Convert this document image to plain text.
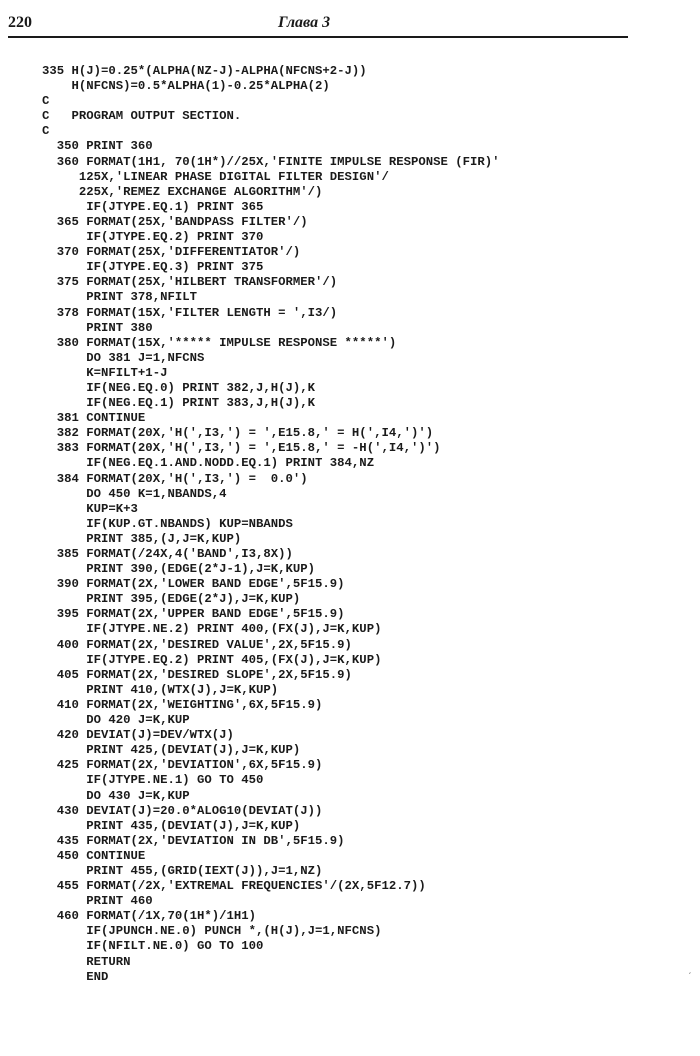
220	Глава 3
335 H(J)=0.25*(ALPHA(NZ-J)-ALPHA(NFCNS+2-J))
H(NFCNS)=0.5*ALPHA(1)-0.25*ALPHA(2)
C
C   PROGRAM OUTPUT SECTION.
C
350 PRINT 360
360 FORMAT(1H1, 70(1H*)//25X,'FINITE IMPULSE RESPONSE (FIR)'
125X,'LINEAR PHASE DIGITAL FILTER DESIGN'/
225X,'REMEZ EXCHANGE ALGORITHM'/)
IF(JTYPE.EQ.1) PRINT 365
365 FORMAT(25X,'BANDPASS FILTER'/)
IF(JTYPE.EQ.2) PRINT 370
370 FORMAT(25X,'DIFFERENTIATOR'/)
IF(JTYPE.EQ.3) PRINT 375
375 FORMAT(25X,'HILBERT TRANSFORMER'/)
PRINT 378,NFILT
378 FORMAT(15X,'FILTER LENGTH = ',I3/)
PRINT 380
380 FORMAT(15X,'***** IMPULSE RESPONSE *****')
DO 381 J=1,NFCNS
K=NFILT+1-J
IF(NEG.EQ.0) PRINT 382,J,H(J),K
IF(NEG.EQ.1) PRINT 383,J,H(J),K
381 CONTINUE
382 FORMAT(20X,'H(',I3,') = ',E15.8,' = H(',I4,')')
383 FORMAT(20X,'H(',I3,') = ',E15.8,' = -H(',I4,')')
IF(NEG.EQ.1.AND.NODD.EQ.1) PRINT 384,NZ
384 FORMAT(20X,'H(',I3,') =  0.0')
DO 450 K=1,NBANDS,4
KUP=K+3
IF(KUP.GT.NBANDS) KUP=NBANDS
PRINT 385,(J,J=K,KUP)
385 FORMAT(/24X,4('BAND',I3,8X))
PRINT 390,(EDGE(2*J-1),J=K,KUP)
390 FORMAT(2X,'LOWER BAND EDGE',5F15.9)
PRINT 395,(EDGE(2*J),J=K,KUP)
395 FORMAT(2X,'UPPER BAND EDGE',5F15.9)
IF(JTYPE.NE.2) PRINT 400,(FX(J),J=K,KUP)
400 FORMAT(2X,'DESIRED VALUE',2X,5F15.9)
IF(JTYPE.EQ.2) PRINT 405,(FX(J),J=K,KUP)
405 FORMAT(2X,'DESIRED SLOPE',2X,5F15.9)
PRINT 410,(WTX(J),J=K,KUP)
410 FORMAT(2X,'WEIGHTING',6X,5F15.9)
DO 420 J=K,KUP
420 DEVIAT(J)=DEV/WTX(J)
PRINT 425,(DEVIAT(J),J=K,KUP)
425 FORMAT(2X,'DEVIATION',6X,5F15.9)
IF(JTYPE.NE.1) GO TO 450
DO 430 J=K,KUP
430 DEVIAT(J)=20.0*ALOG10(DEVIAT(J))
PRINT 435,(DEVIAT(J),J=K,KUP)
435 FORMAT(2X,'DEVIATION IN DB',5F15.9)
450 CONTINUE
PRINT 455,(GRID(IEXT(J)),J=1,NZ)
455 FORMAT(/2X,'EXTREMAL FREQUENCIES'/(2X,5F12.7))
PRINT 460
460 FORMAT(/1X,70(1H*)/1H1)
IF(JPUNCH.NE.0) PUNCH *,(H(J),J=1,NFCNS)
IF(NFILT.NE.0) GO TO 100
RETURN
END
ˏ
